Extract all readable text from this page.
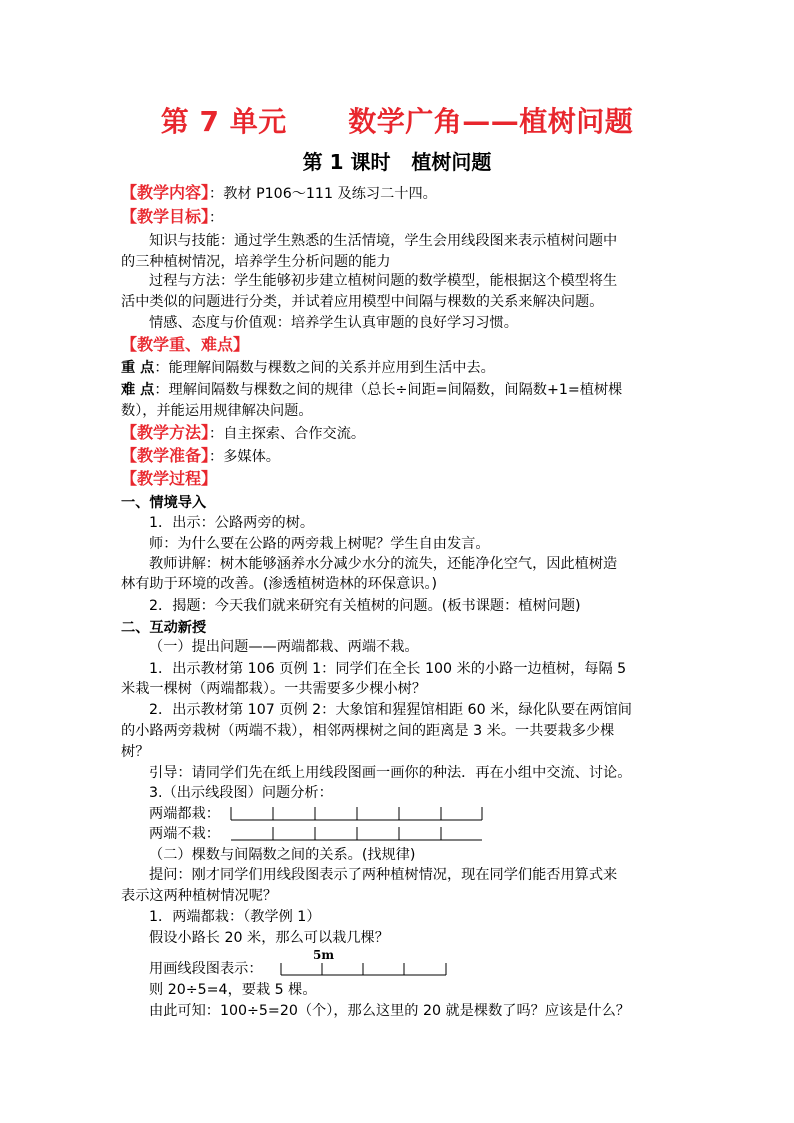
第 7 单元      数学广角——植树问题
第 1 课时   植树问题
【教学内容】：教材 P106～111 及练习二十四。
【教学目标】：
知识与技能：通过学生熟悉的生活情境，学生会用线段图来表示植树问题中
的三种植树情况，培养学生分析问题的能力
过程与方法：学生能够初步建立植树问题的数学模型，能根据这个模型将生
活中类似的问题进行分类，并试着应用模型中间隔与棵数的关系来解决问题。
情感、态度与价值观：培养学生认真审题的良好学习习惯。
【教学重、难点】
重 点：能理解间隔数与棵数之间的关系并应用到生活中去。
难 点：理解间隔数与棵数之间的规律（总长÷间距=间隔数，间隔数+1=植树棵
数），并能运用规律解决问题。
【教学方法】：自主探索、合作交流。
【教学准备】：多媒体。
【教学过程】
一、情境导入
1．出示：公路两旁的树。
师：为什么要在公路的两旁栽上树呢？学生自由发言。
教师讲解：树木能够涵养水分减少水分的流失，还能净化空气，因此植树造
林有助于环境的改善。(渗透植树造林的环保意识。)
2．揭题：今天我们就来研究有关植树的问题。(板书课题：植树问题)
二、互动新授
（一）提出问题——两端都栽、两端不栽。
1．出示教材第 106 页例 1：同学们在全长 100 米的小路一边植树，每隔 5
米栽一棵树（两端都栽）。一共需要多少棵小树？
2．出示教材第 107 页例 2：大象馆和猩猩馆相距 60 米，绿化队要在两馆间
的小路两旁栽树（两端不栽），相邻两棵树之间的距离是 3 米。一共要栽多少棵
树？
引导：请同学们先在纸上用线段图画一画你的种法．再在小组中交流、讨论。
3.（出示线段图）问题分析：
两端都栽：
两端不栽：
（二）棵数与间隔数之间的关系。(找规律)
提问：刚才同学们用线段图表示了两种植树情况，现在同学们能否用算式来
表示这两种植树情况呢？
1．两端都栽：（教学例 1）
假设小路长 20 米，那么可以栽几棵？
5m
用画线段图表示：
则 20÷5=4，要栽 5 棵。
由此可知：100÷5=20（个），那么这里的 20 就是棵数了吗？应该是什么？
